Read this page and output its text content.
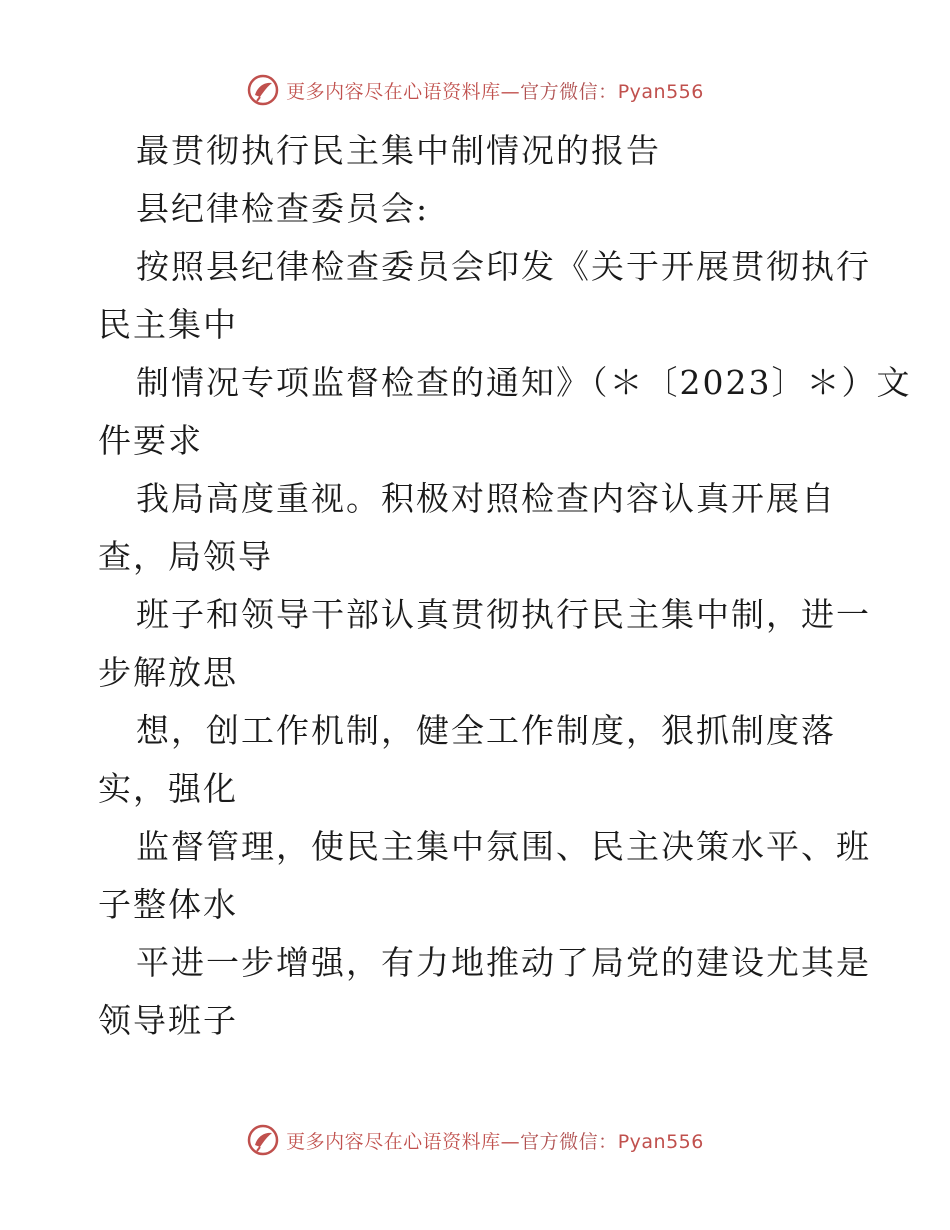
更多内容尽在心语资料库—官方微信：Pyan556
最贯彻执行民主集中制情况的报告
县纪律检查委员会:
按照县纪律检查委员会印发《关于开展贯彻执行
民主集中
制情况专项监督检查的通知》（＊〔2023〕＊）文
件要求
我局高度重视。积极对照检查内容认真开展自
查，局领导
班子和领导干部认真贯彻执行民主集中制，进一
步解放思
想，创工作机制，健全工作制度，狠抓制度落
实，强化
监督管理，使民主集中氛围、民主决策水平、班
子整体水
平进一步增强，有力地推动了局党的建设尤其是
领导班子
更多内容尽在心语资料库—官方微信：Pyan556
